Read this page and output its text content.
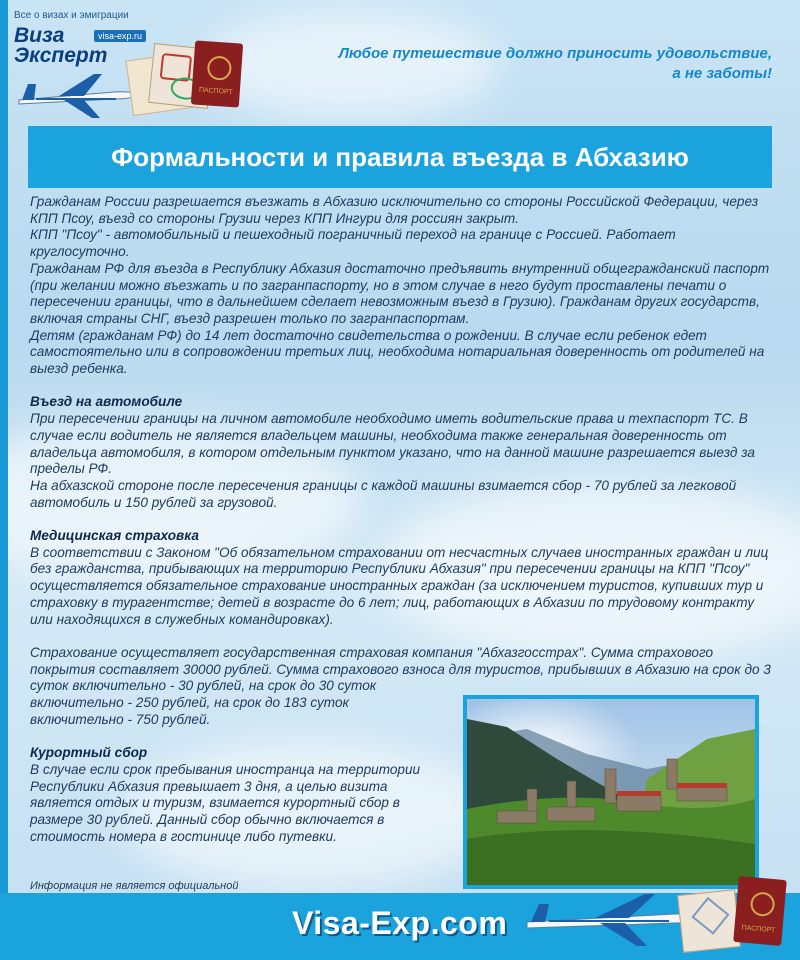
Все о визах и эмиграции
Виза	visa-exp.ru
Эксперт
ПАСПОРТ
Любое путешествие должно приносить удовольствие,
а не заботы!
Формальности и правила въезда в Абхазию

Гражданам России разрешается въезжать в Абхазию исключительно со стороны Российской Федерации, через КПП Псоу, въезд со стороны Грузии через КПП Ингури для россиян закрыт.

КПП "Псоу" - автомобильный и пешеходный пограничный переход на границе с Россией. Работает круглосуточно.

Гражданам РФ для въезда в Республику Абхазия достаточно предъявить внутренний общегражданский паспорт (при желании можно въезжать и по загранпаспорту, но в этом случае в него будут проставлены печати о пересечении границы, что в дальнейшем сделает невозможным въезд в Грузию). Гражданам других государств, включая страны СНГ, въезд разрешен только по загранпаспортам.

Детям (гражданам РФ) до 14 лет достаточно свидетельства о рождении. В случае если ребенок едет самостоятельно или в сопровождении третьих лиц, необходима нотариальная доверенность от родителей на выезд ребенка.

Въезд на автомобиле

При пересечении границы на личном автомобиле необходимо иметь водительские права и техпаспорт ТС. В случае если водитель не является владельцем машины, необходима также генеральная доверенность от владельца автомобиля, в котором отдельным пунктом указано, что на данной машине разрешается выезд за пределы РФ.

На абхазской стороне после пересечения границы с каждой машины взимается сбор - 70 рублей за легковой автомобиль и 150 рублей за грузовой.

Медицинская страховка

В соответствии с Законом "Об обязательном страховании от несчастных случаев иностранных граждан и лиц без гражданства, прибывающих на территорию Республики Абхазия" при пересечении границы на КПП "Псоу" осуществляется обязательное страхование иностранных граждан (за исключением туристов, купивших тур и страховку в турагентстве; детей в возрасте до 6 лет; лиц, работающих в Абхазии по трудовому контракту или находящихся в служебных командировках).

Страхование осуществляет государственная страховая компания "Абхазгосстрах". Сумма страхового покрытия составляет 30000 рублей. Сумма страхового взноса для туристов, прибывших в Абхазию на срок до 3 суток включительно - 30 рублей, на срок до 30 суток

включительно - 250 рублей, на срок до 183 суток

включительно - 750 рублей.

Курортный сбор

В случае если срок пребывания иностранца на территории Республики Абхазия превышает 3 дня, а целью визита является отдых и туризм, взимается курортный сбор в размере 30 рублей. Данный сбор обычно включается в стоимость номера в гостинице либо путевки.

Информация не является официальной
Visa-Exp.com	ПАСПОРТ
